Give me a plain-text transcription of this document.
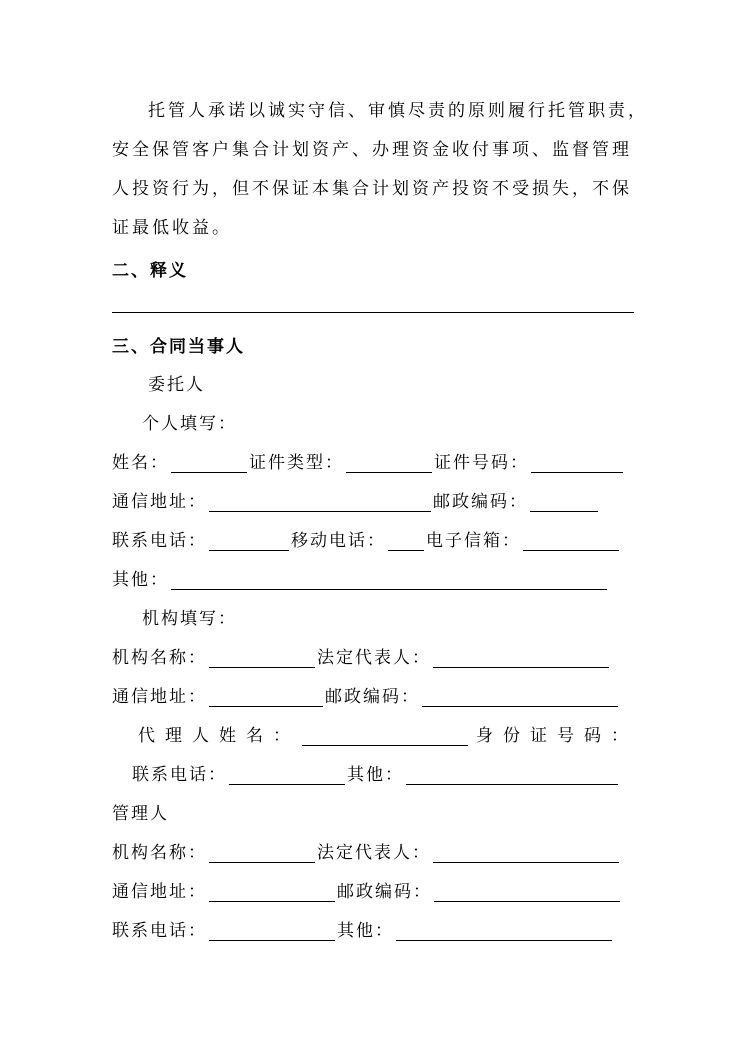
托管人承诺以诚实守信、审慎尽责的原则履行托管职责，
安全保管客户集合计划资产、办理资金收付事项、监督管理
人投资行为，但不保证本集合计划资产投资不受损失，不保
证最低收益。
二、释义
三、合同当事人
委托人
个人填写：
姓名：	证件类型：	证件号码：
通信地址：	邮政编码：
联系电话：	移动电话： 电子信箱：
其他：
机构填写：
机构名称：	法定代表人：
通信地址：	邮政编码：
代理人姓名：	身份证号码：
联系电话：	其他：
管理人
机构名称：	法定代表人：
通信地址：	邮政编码：
联系电话：	其他：
